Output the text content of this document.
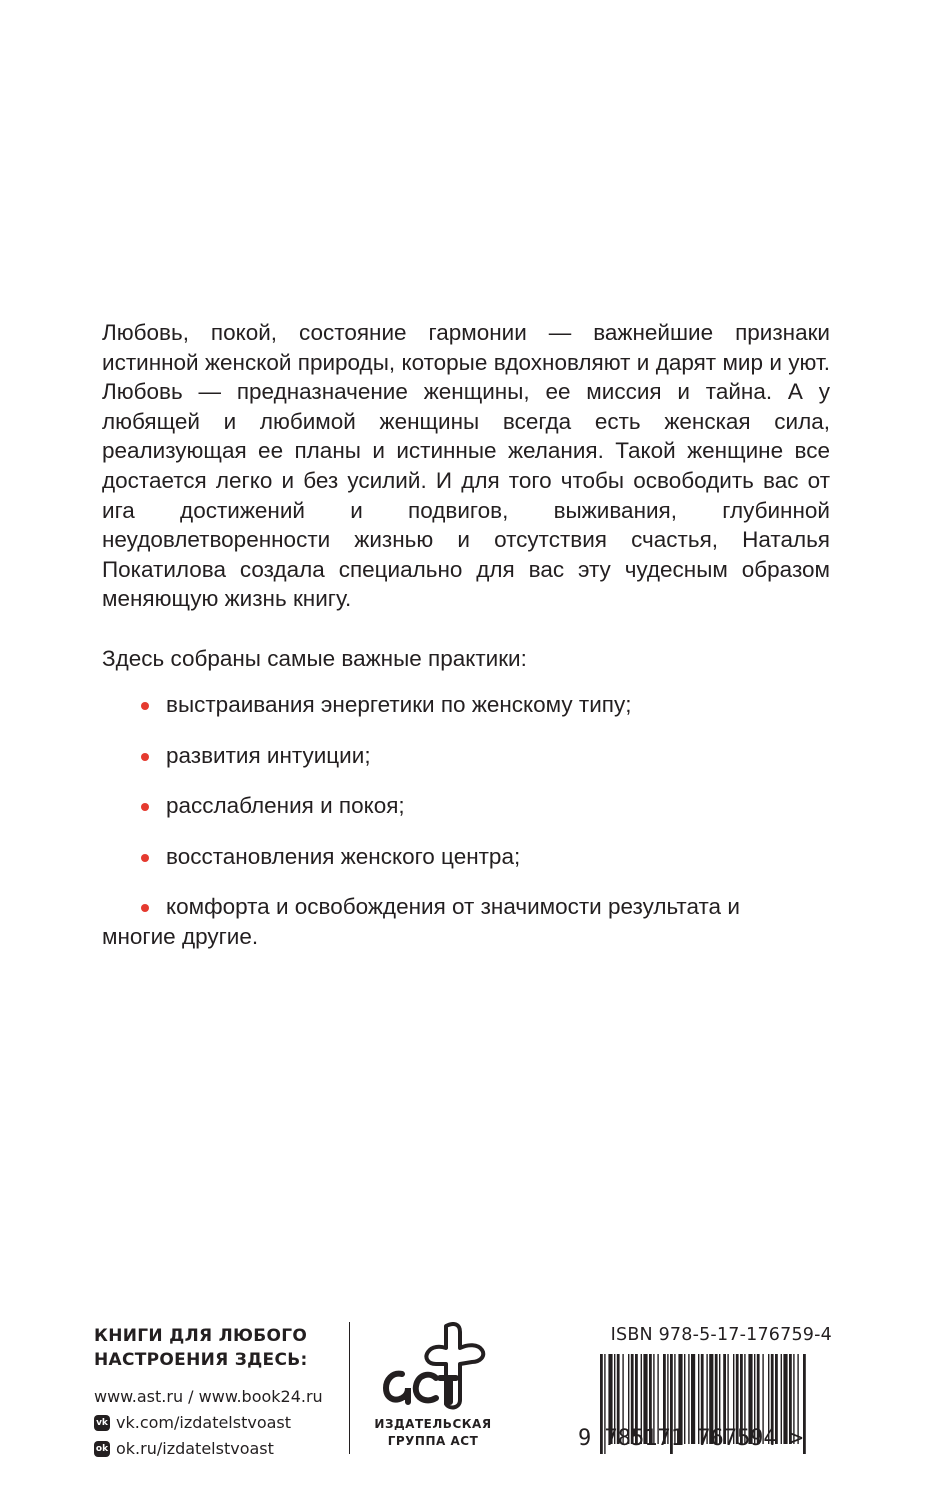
Любовь, покой, состояние гармонии — важнейшие признаки истинной женской природы, которые вдохновляют и дарят мир и уют. Любовь — предназначение женщины, ее миссия и тайна. А у любящей и любимой женщины всегда есть женская сила, реализующая ее планы и истинные желания. Такой женщине все достается легко и без усилий. И для того чтобы освободить вас от ига достижений и подвигов, выживания, глубинной неудовлетворенности жизнью и отсутствия счастья, Наталья Покатилова создала специально для вас эту чудесным образом меняющую жизнь книгу.

Здесь собраны самые важные практики:

выстраивания энергетики по женскому типу;
развития интуиции;
расслабления и покоя;
восстановления женского центра;
комфорта и освобождения от значимости результата и многие другие.
КНИГИ ДЛЯ ЛЮБОГО
НАСТРОЕНИЯ ЗДЕСЬ:
www.ast.ru / www.book24.ru
vk vk.com/izdatelstvoast
ok ok.ru/izdatelstvoast
ИЗДАТЕЛЬСКАЯ
ГРУППА АСТ
ISBN 978-5-17-176759-4
9 785171 767594 >
